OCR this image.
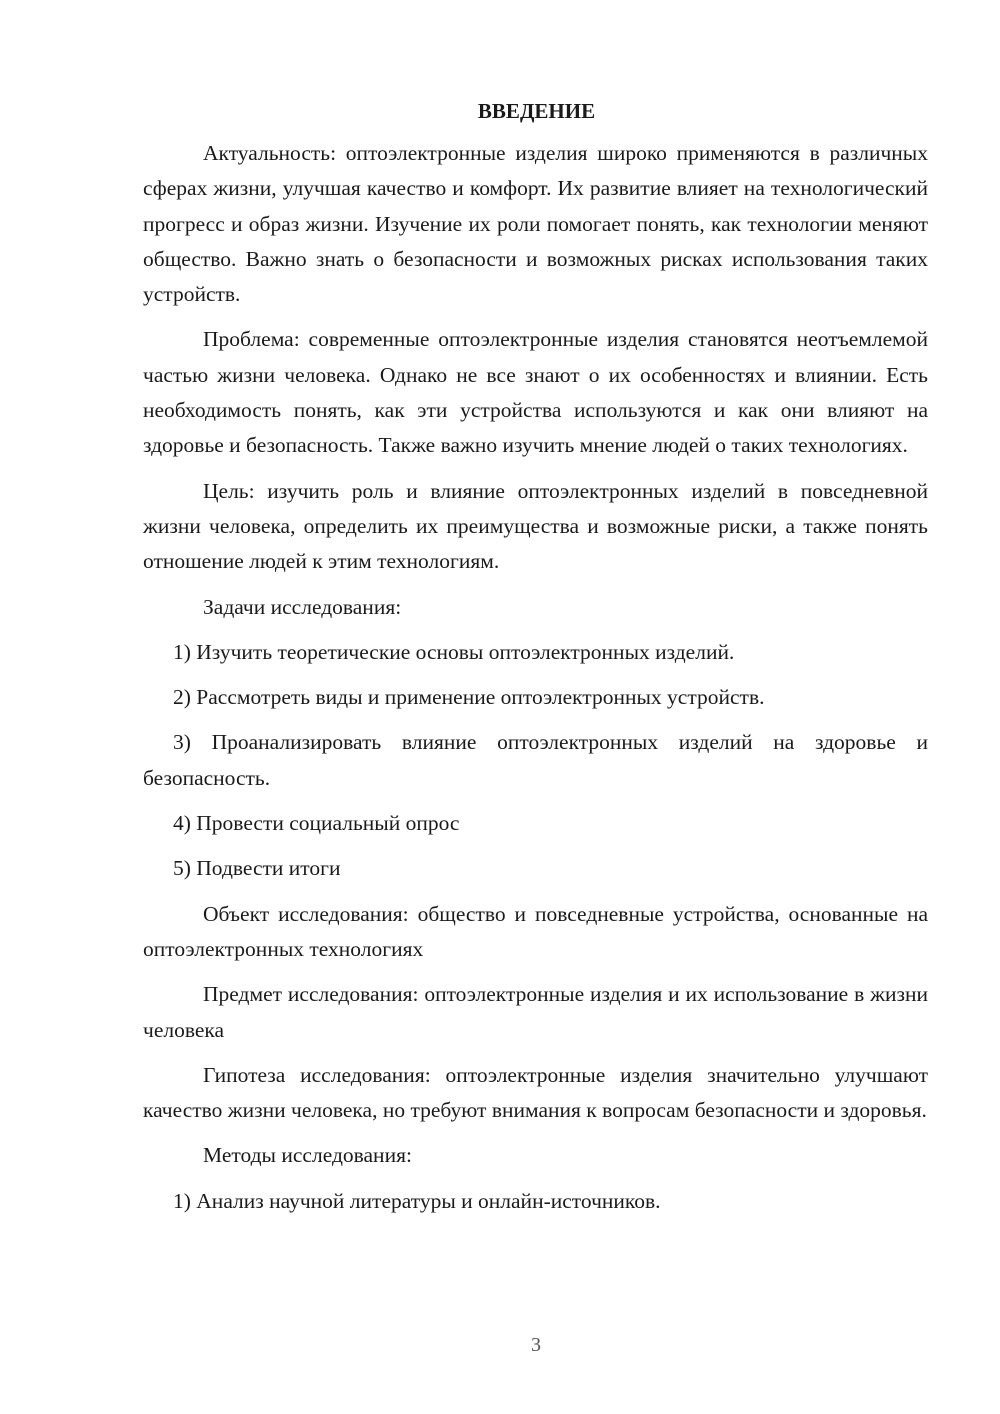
ВВЕДЕНИЕ

Актуальность: оптоэлектронные изделия широко применяются в различных сферах жизни, улучшая качество и комфорт. Их развитие влияет на технологический прогресс и образ жизни. Изучение их роли помогает понять, как технологии меняют общество. Важно знать о безопасности и возможных рисках использования таких устройств.

Проблема: современные оптоэлектронные изделия становятся неотъемлемой частью жизни человека. Однако не все знают о их особенностях и влиянии. Есть необходимость понять, как эти устройства используются и как они влияют на здоровье и безопасность. Также важно изучить мнение людей о таких технологиях.

Цель: изучить роль и влияние оптоэлектронных изделий в повседневной жизни человека, определить их преимущества и возможные риски, а также понять отношение людей к этим технологиям.

Задачи исследования:

1) Изучить теоретические основы оптоэлектронных изделий.

2) Рассмотреть виды и применение оптоэлектронных устройств.

3) Проанализировать влияние оптоэлектронных изделий на здоровье и безопасность.

4) Провести социальный опрос

5) Подвести итоги

Объект исследования: общество и повседневные устройства, основанные на оптоэлектронных технологиях

Предмет исследования: оптоэлектронные изделия и их использование в жизни человека

Гипотеза исследования: оптоэлектронные изделия значительно улучшают качество жизни человека, но требуют внимания к вопросам безопасности и здоровья.

Методы исследования:

1) Анализ научной литературы и онлайн-источников.

3
